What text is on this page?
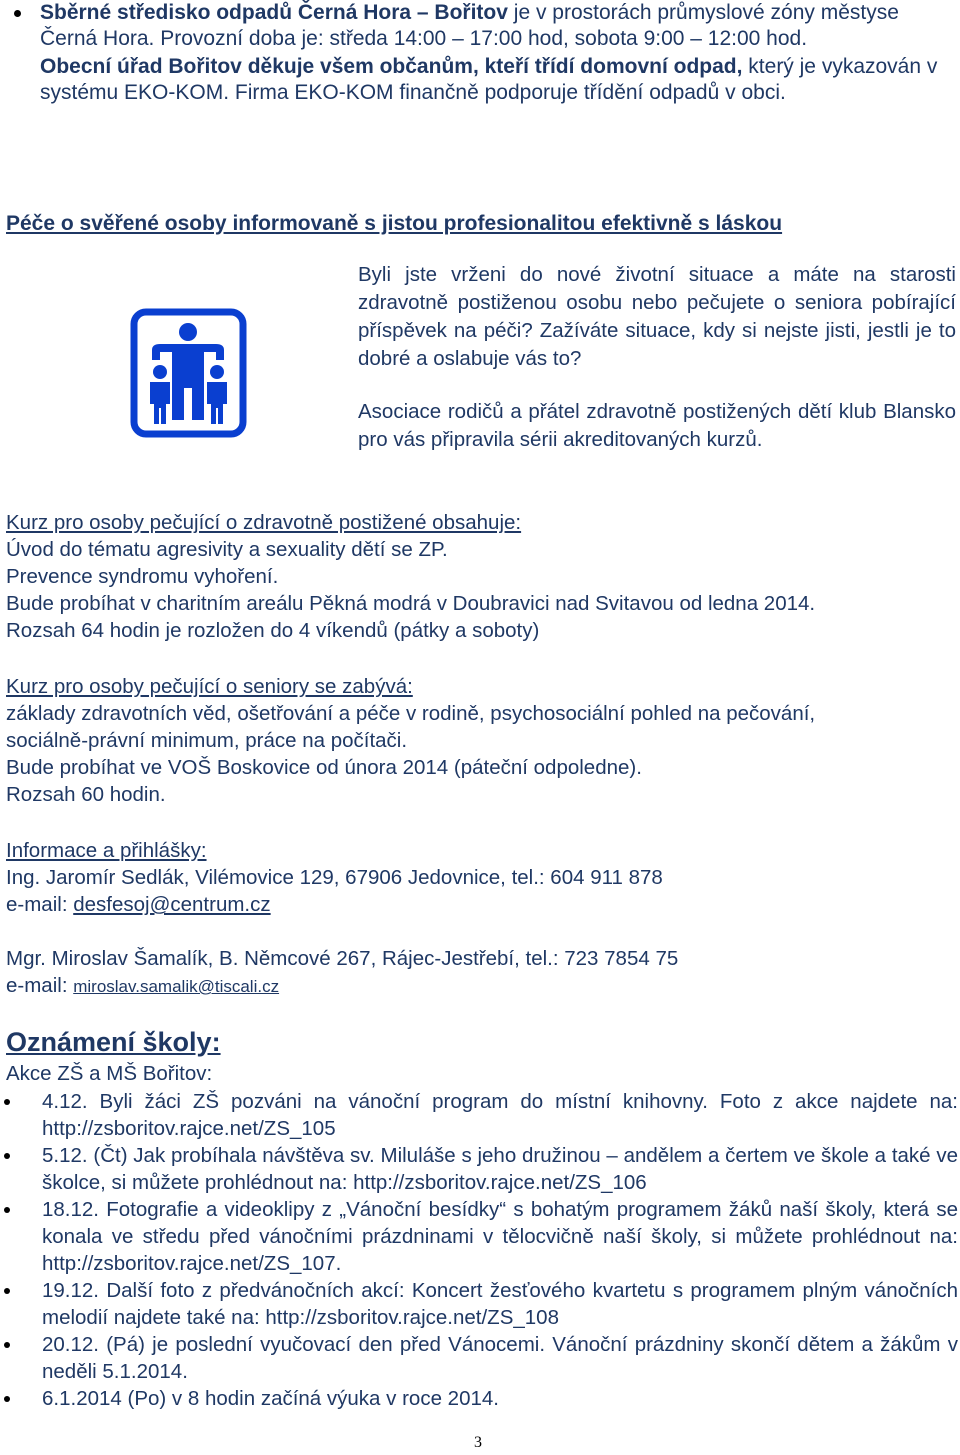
Sběrné středisko odpadů Černá Hora – Bořitov je v prostorách průmyslové zóny městyse Černá Hora. Provozní doba je: středa 14:00 – 17:00 hod, sobota 9:00 – 12:00 hod.
Obecní úřad Bořitov děkuje všem občanům, kteří třídí domovní odpad, který je vykazován v systému EKO-KOM. Firma EKO-KOM finančně podporuje třídění odpadů v obci.
Péče o svěřené osoby informovaně s jistou profesionalitou efektivně s láskou
Byli jste vrženi do nové životní situace a máte na starosti zdravotně postiženou osobu nebo pečujete o seniora pobírající příspěvek na péči? Zažíváte situace, kdy si nejste jisti, jestli je to dobré a oslabuje vás to?
Asociace rodičů a přátel zdravotně postižených dětí klub Blansko pro vás připravila sérii akreditovaných kurzů.
Kurz pro osoby pečující o zdravotně postižené obsahuje:
Úvod do tématu agresivity a sexuality dětí se ZP.
Prevence syndromu vyhoření.
Bude probíhat v charitním areálu Pěkná modrá v Doubravici nad Svitavou od ledna 2014.
Rozsah 64 hodin je rozložen do 4 víkendů (pátky a soboty)
Kurz pro osoby pečující o seniory se zabývá:
základy zdravotních věd, ošetřování a péče v rodině, psychosociální pohled na pečování,
sociálně-právní minimum, práce na počítači.
Bude probíhat ve VOŠ Boskovice od února 2014 (páteční odpoledne).
Rozsah 60 hodin.
Informace a přihlášky:
Ing. Jaromír Sedlák, Vilémovice 129, 67906 Jedovnice, tel.: 604 911 878
e-mail: desfesoj@centrum.cz
Mgr. Miroslav Šamalík, B. Němcové 267, Rájec-Jestřebí, tel.: 723 7854 75
e-mail: miroslav.samalik@tiscali.cz
Oznámení školy:
Akce ZŠ a MŠ Bořitov:
4.12. Byli žáci ZŠ pozváni na vánoční program do místní knihovny. Foto z akce najdete na: http://zsboritov.rajce.net/ZS_105
5.12. (Čt) Jak probíhala návštěva sv. Milulášе s jeho družinou – andělem a čertem ve škole a také ve školce, si můžete prohlédnout na: http://zsboritov.rajce.net/ZS_106
18.12. Fotografie a videoklipy z „Vánoční besídky“ s bohatým programem žáků naší školy, která se konala ve středu před vánočními prázdninami v tělocvičně naší školy, si můžete prohlédnout na: http://zsboritov.rajce.net/ZS_107.
19.12. Další foto z předvánočních akcí: Koncert žesťového kvartetu s programem plným vánočních melodií najdete také na: http://zsboritov.rajce.net/ZS_108
20.12. (Pá) je poslední vyučovací den před Vánocemi. Vánoční prázdniny skončí dětem a žákům v neděli 5.1.2014.
6.1.2014 (Po) v 8 hodin začíná výuka v roce 2014.
3
